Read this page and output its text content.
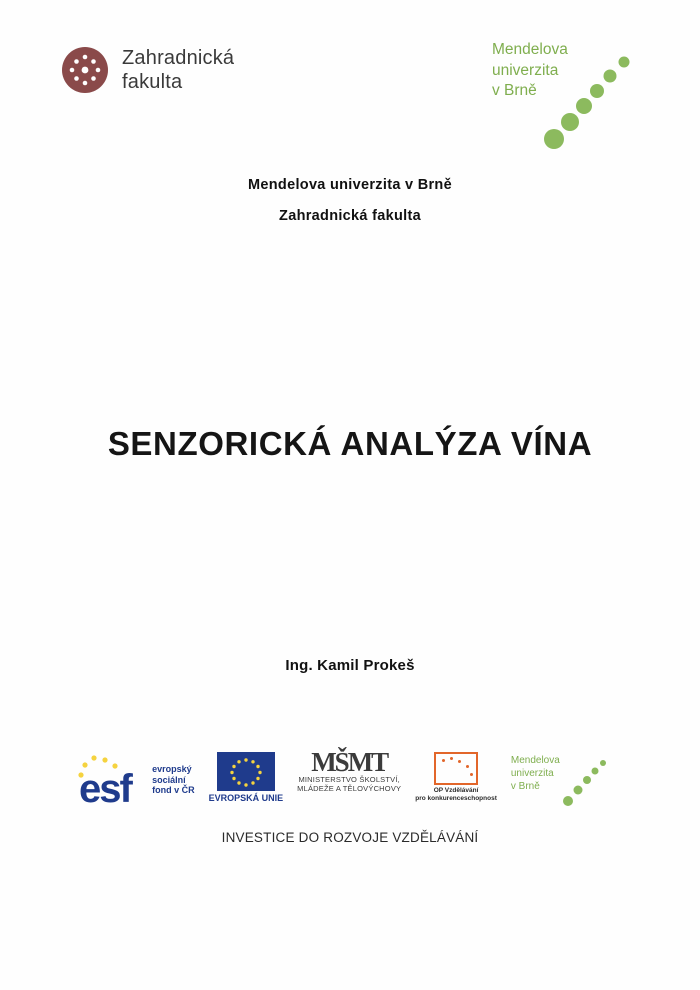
Zahradnická
fakulta
Mendelova
univerzita
v Brně
Mendelova univerzita v Brně
Zahradnická fakulta
SENZORICKÁ ANALÝZA VÍNA
Ing. Kamil Prokeš
esf evropský
sociální
fond v ČR
EVROPSKÁ UNIE
MŠMT
MINISTERSTVO ŠKOLSTVÍ,
MLÁDEŽE A TĚLOVÝCHOVY	OP Vzdělávání
pro konkurenceschopnost
Mendelova
univerzita
v Brně
INVESTICE DO ROZVOJE VZDĚLÁVÁNÍ
